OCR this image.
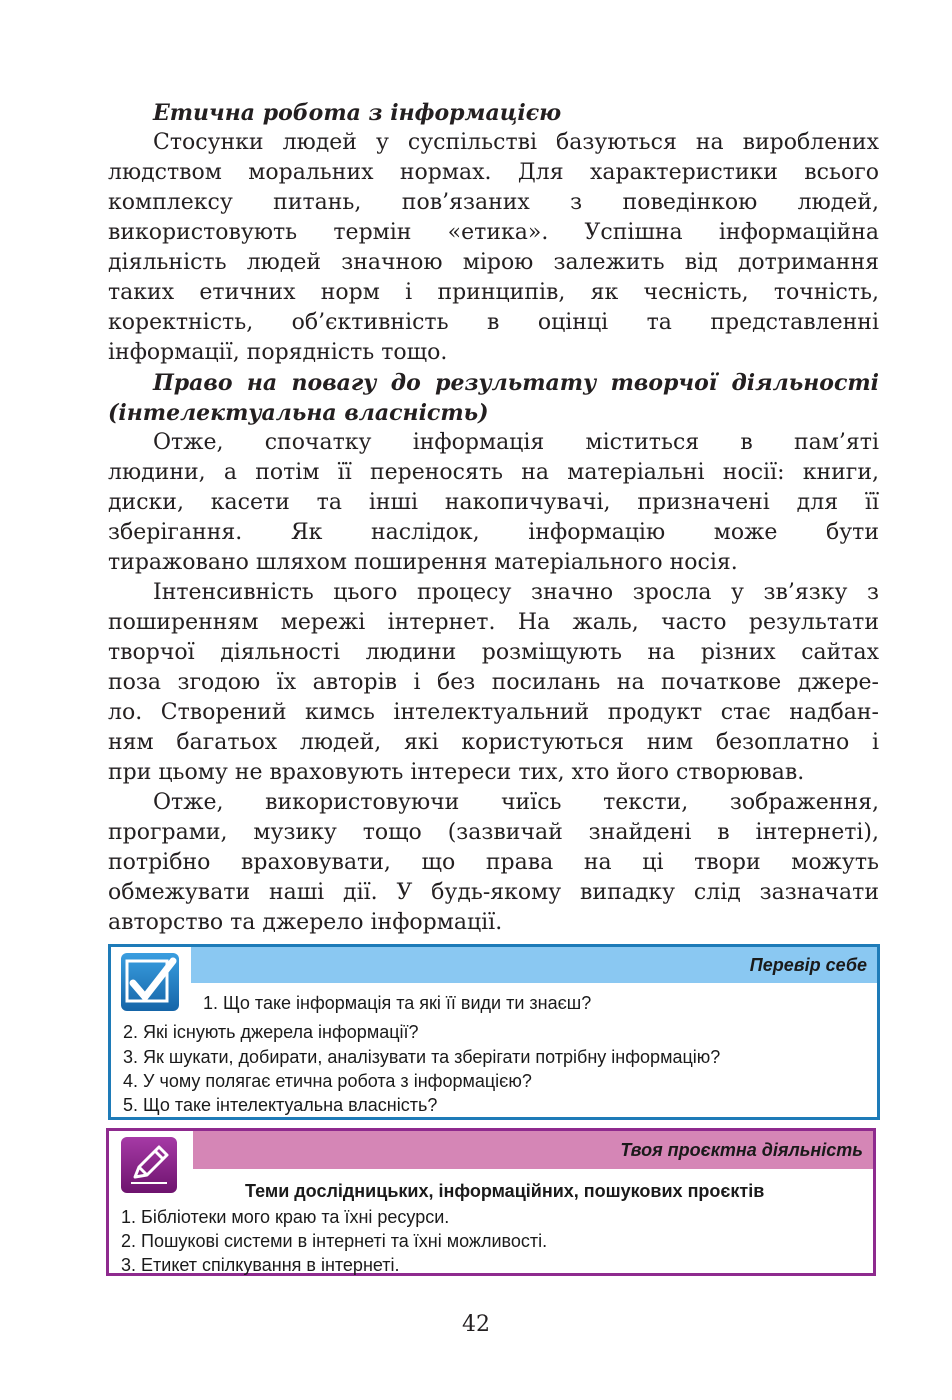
Етична робота з інформацією
Стосунки людей у суспільстві базуються на вироблених
людством моральних нормах. Для характеристики всього
комплексу питань, пов’язаних з поведінкою людей,
використовують термін «етика». Успішна інформаційна
діяльність людей значною мірою залежить від дотримання
таких етичних норм і принципів, як чесність, точність,
коректність, об’єктивність в оцінці та представленні
інформації, порядність тощо.
Право на повагу до результату творчої діяльності
(інтелектуальна власність)
Отже, спочатку інформація міститься в пам’яті
людини, а потім її переносять на матеріальні носії: книги,
диски, касети та інші накопичувачі, призначені для її
зберігання. Як наслідок, інформацію може бути
тиражовано шляхом поширення матеріального носія.
Інтенсивність цього процесу значно зросла у зв’язку з
поширенням мережі інтернет. На жаль, часто результати
творчої діяльності людини розміщують на різних сайтах
поза згодою їх авторів і без посилань на початкове джере-
ло. Створений кимсь інтелектуальний продукт стає надбан-
ням багатьох людей, які користуються ним безоплатно і
при цьому не враховують інтереси тих, хто його створював.
Отже, використовуючи чиїсь тексти, зображення,
програми, музику тощо (зазвичай знайдені в інтернеті),
потрібно враховувати, що права на ці твори можуть
обмежувати наші дії. У будь-якому випадку слід зазначати
авторство та джерело інформації.
Перевір себе
1. Що таке інформація та які її види ти знаєш?
2. Які існують джерела інформації?
3. Як шукати, добирати, аналізувати та зберігати потрібну інформацію?
4. У чому полягає етична робота з інформацією?
5. Що таке інтелектуальна власність?
Твоя проєктна діяльність
Теми дослідницьких, інформаційних, пошукових проєктів
1. Бібліотеки мого краю та їхні ресурси.
2. Пошукові системи в інтернеті та їхні можливості.
3. Етикет спілкування в інтернеті.
42
